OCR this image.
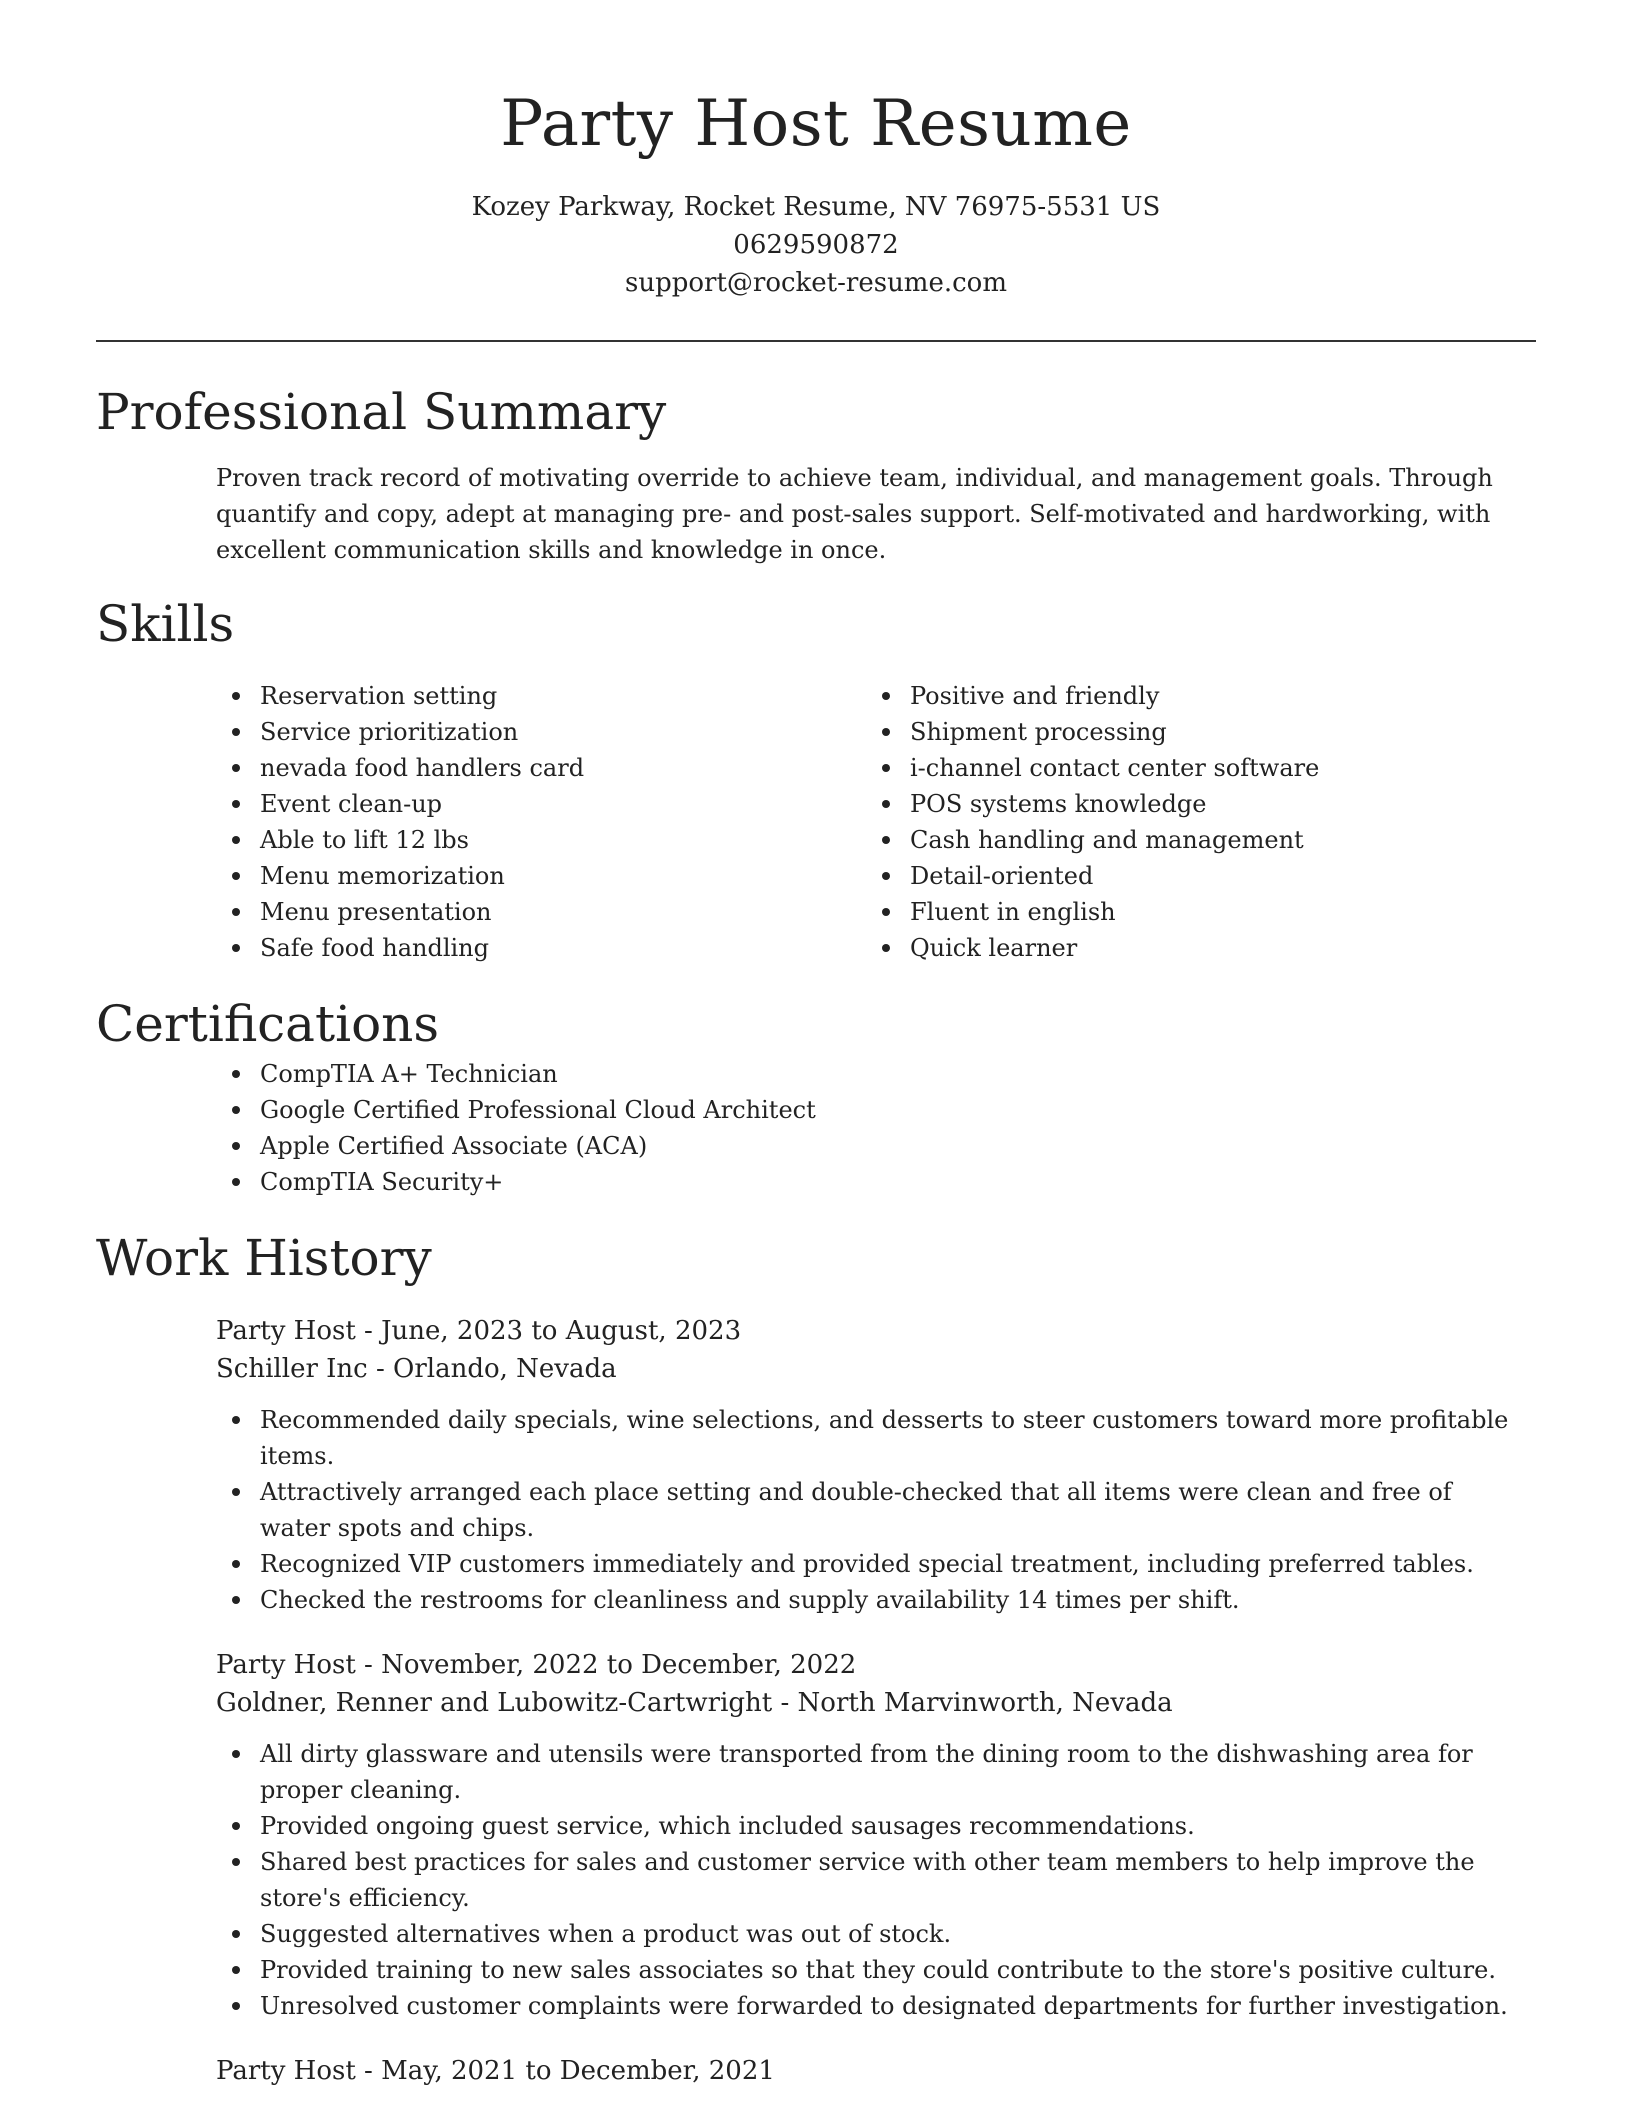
Party Host Resume

Kozey Parkway, Rocket Resume, NV 76975-5531 US

0629590872

support@rocket-resume.com

Professional Summary

Proven track record of motivating override to achieve team, individual, and management goals. Through quantify and copy, adept at managing pre- and post-sales support. Self-motivated and hardworking, with excellent communication skills and knowledge in once.

Skills
Reservation setting
Service prioritization
nevada food handlers card
Event clean-up
Able to lift 12 lbs
Menu memorization
Menu presentation
Safe food handling
Positive and friendly
Shipment processing
i-channel contact center software
POS systems knowledge
Cash handling and management
Detail-oriented
Fluent in english
Quick learner
Certifications
CompTIA A+ Technician
Google Certified Professional Cloud Architect
Apple Certified Associate (ACA)
CompTIA Security+
Work History

Party Host - June, 2023 to August, 2023

Schiller Inc - Orlando, Nevada

Recommended daily specials, wine selections, and desserts to steer customers toward more profitable items.
Attractively arranged each place setting and double-checked that all items were clean and free of water spots and chips.
Recognized VIP customers immediately and provided special treatment, including preferred tables.
Checked the restrooms for cleanliness and supply availability 14 times per shift.

Party Host - November, 2022 to December, 2022

Goldner, Renner and Lubowitz-Cartwright - North Marvinworth, Nevada

All dirty glassware and utensils were transported from the dining room to the dishwashing area for proper cleaning.
Provided ongoing guest service, which included sausages recommendations.
Shared best practices for sales and customer service with other team members to help improve the store's efficiency.
Suggested alternatives when a product was out of stock.
Provided training to new sales associates so that they could contribute to the store's positive culture.
Unresolved customer complaints were forwarded to designated departments for further investigation.

Party Host - May, 2021 to December, 2021
